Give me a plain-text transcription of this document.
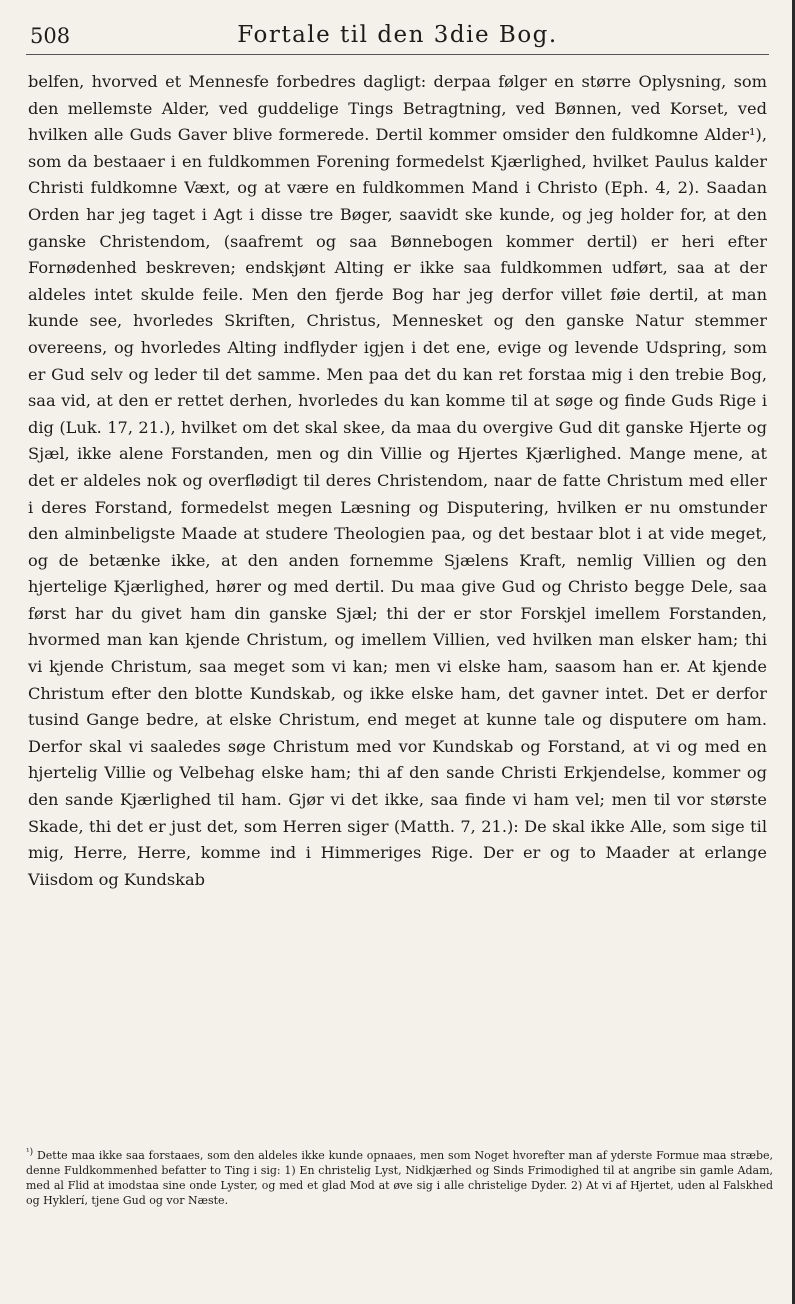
508	Fortale til den 3die Bog.

belfen, hvorved et Mennesfe forbedres dagligt: derpaa følger en større Oplysning, som den mellemste Alder, ved guddelige Tings Betragtning, ved Bønnen, ved Korset, ved hvilken alle Guds Gaver blive formerede. Dertil kommer omsider den fuldkomne Alder¹), som da bestaaer i en fuldkommen Forening formedelst Kjærlighed, hvilket Paulus kalder Christi fuldkomne Væxt, og at være en fuldkommen Mand i Christo (Eph. 4, 2). Saadan Orden har jeg taget i Agt i disse tre Bøger, saavidt ske kunde, og jeg holder for, at den ganske Christendom, (saafremt og saa Bønnebogen kommer dertil) er heri efter Fornødenhed beskreven; endskjønt Alting er ikke saa fuldkommen udført, saa at der aldeles intet skulde feile. Men den fjerde Bog har jeg derfor villet føie dertil, at man kunde see, hvorledes Skriften, Christus, Mennesket og den ganske Natur stemmer overeens, og hvorledes Alting indflyder igjen i det ene, evige og levende Udspring, som er Gud selv og leder til det samme. Men paa det du kan ret forstaa mig i den trebie Bog, saa vid, at den er rettet derhen, hvorledes du kan komme til at søge og finde Guds Rige i dig (Luk. 17, 21.), hvilket om det skal skee, da maa du overgive Gud dit ganske Hjerte og Sjæl, ikke alene Forstanden, men og din Villie og Hjertes Kjærlighed. Mange mene, at det er aldeles nok og overflødigt til deres Christendom, naar de fatte Christum med eller i deres Forstand, formedelst megen Læsning og Disputering, hvilken er nu omstunder den alminbeligste Maade at studere Theologien paa, og det bestaar blot i at vide meget, og de betænke ikke, at den anden fornemme Sjælens Kraft, nemlig Villien og den hjertelige Kjærlighed, hører og med dertil. Du maa give Gud og Christo begge Dele, saa først har du givet ham din ganske Sjæl; thi der er stor Forskjel imellem Forstanden, hvormed man kan kjende Christum, og imellem Villien, ved hvilken man elsker ham; thi vi kjende Christum, saa meget som vi kan; men vi elske ham, saasom han er. At kjende Christum efter den blotte Kundskab, og ikke elske ham, det gavner intet. Det er derfor tusind Gange bedre, at elske Christum, end meget at kunne tale og disputere om ham. Derfor skal vi saaledes søge Christum med vor Kundskab og Forstand, at vi og med en hjertelig Villie og Velbehag elske ham; thi af den sande Christi Erkjendelse, kommer og den sande Kjærlighed til ham. Gjør vi det ikke, saa finde vi ham vel; men til vor største Skade, thi det er just det, som Herren siger (Matth. 7, 21.): De skal ikke Alle, som sige til mig, Herre, Herre, komme ind i Himmeriges Rige. Der er og to Maader at erlange Viisdom og Kundskab

$^{^1)}$ Dette maa ikke saa forstaaes, som den aldeles ikke kunde opnaaes, men som Noget hvorefter man af yderste Formue maa stræbe, denne Fuldkommenhed befatter to Ting i sig: 1) En christelig Lyst, Nidkjærhed og Sinds Frimodighed til at angribe sin gamle Adam, med al Flid at imodstaa sine onde Lyster, og med et glad Mod at øve sig i alle christelige Dyder. 2) At vi af Hjertet, uden al Falskhed og Hyklerí, tjene Gud og vor Næste.
